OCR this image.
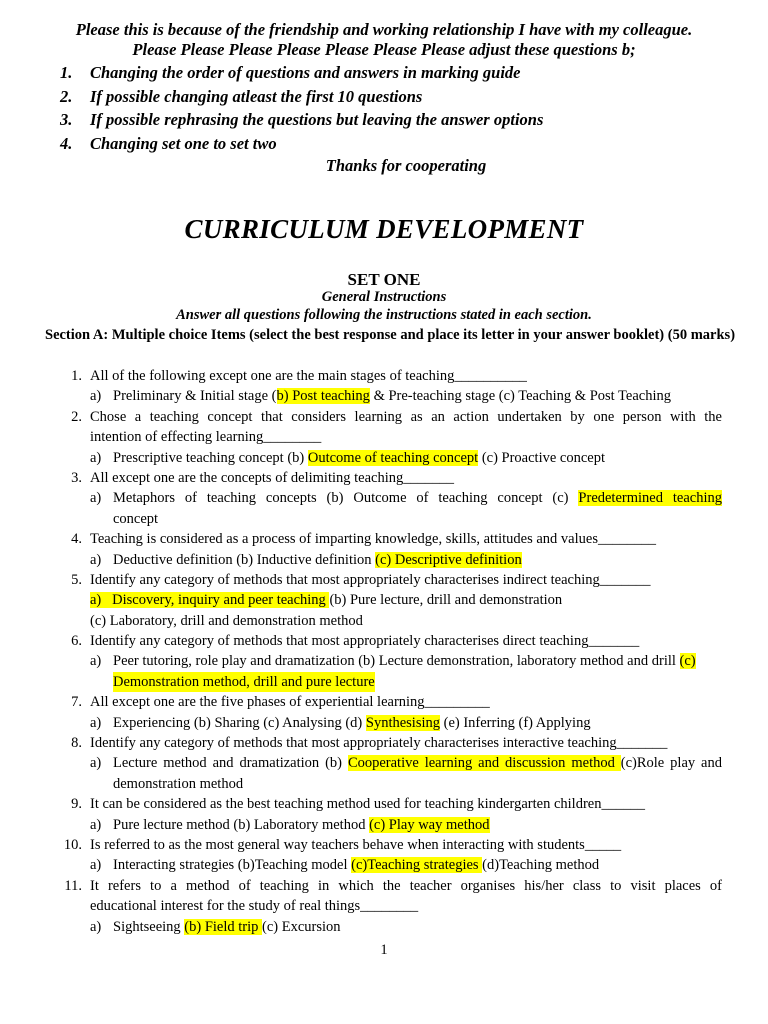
Please this is because of the friendship and working relationship I have with my colleague.
Please Please Please Please Please Please Please adjust these questions b;
1. Changing the order of questions and answers in marking guide
2. If possible changing atleast the first 10 questions
3. If possible rephrasing the questions but leaving the answer options
4. Changing set one to set two
Thanks for cooperating
CURRICULUM DEVELOPMENT
SET ONE
General Instructions
Answer all questions following the instructions stated in each section.
Section A: Multiple choice Items (select the best response and place its letter in your answer booklet) (50 marks)
1. All of the following except one are the main stages of teaching__________
a) Preliminary & Initial stage (b) Post teaching & Pre-teaching stage (c) Teaching & Post Teaching
2. Chose a teaching concept that considers learning as an action undertaken by one person with the
intention of effecting learning________
a) Prescriptive teaching concept (b) Outcome of teaching concept (c) Proactive concept
3. All except one are the concepts of delimiting teaching_______
a) Metaphors of teaching concepts (b) Outcome of teaching concept (c) Predetermined teaching
concept
4. Teaching is considered as a process of imparting knowledge, skills, attitudes and values________
a) Deductive definition (b) Inductive definition (c) Descriptive definition
5. Identify any category of methods that most appropriately characterises indirect teaching_______
a)   Discovery, inquiry and peer teaching (b) Pure lecture, drill and demonstration
(c) Laboratory, drill and demonstration method
6. Identify any category of methods that most appropriately characterises direct teaching_______
a) Peer tutoring, role play and dramatization (b) Lecture demonstration, laboratory method and drill (c)
Demonstration method, drill and pure lecture
7. All except one are the five phases of experiential learning_________
a) Experiencing (b) Sharing (c) Analysing (d) Synthesising (e) Inferring (f) Applying
8. Identify any category of methods that most appropriately characterises interactive teaching_______
a) Lecture method and dramatization (b) Cooperative learning and discussion method (c)Role play and
demonstration method
9. It can be considered as the best teaching method used for teaching kindergarten children______
a) Pure lecture method (b) Laboratory method (c) Play way method
10. Is referred to as the most general way teachers behave when interacting with students_____
a) Interacting strategies (b)Teaching model (c)Teaching strategies (d)Teaching method
11. It refers to a method of teaching in which the teacher organises his/her class to visit places of
educational interest for the study of real things________
a) Sightseeing (b) Field trip (c) Excursion
1
